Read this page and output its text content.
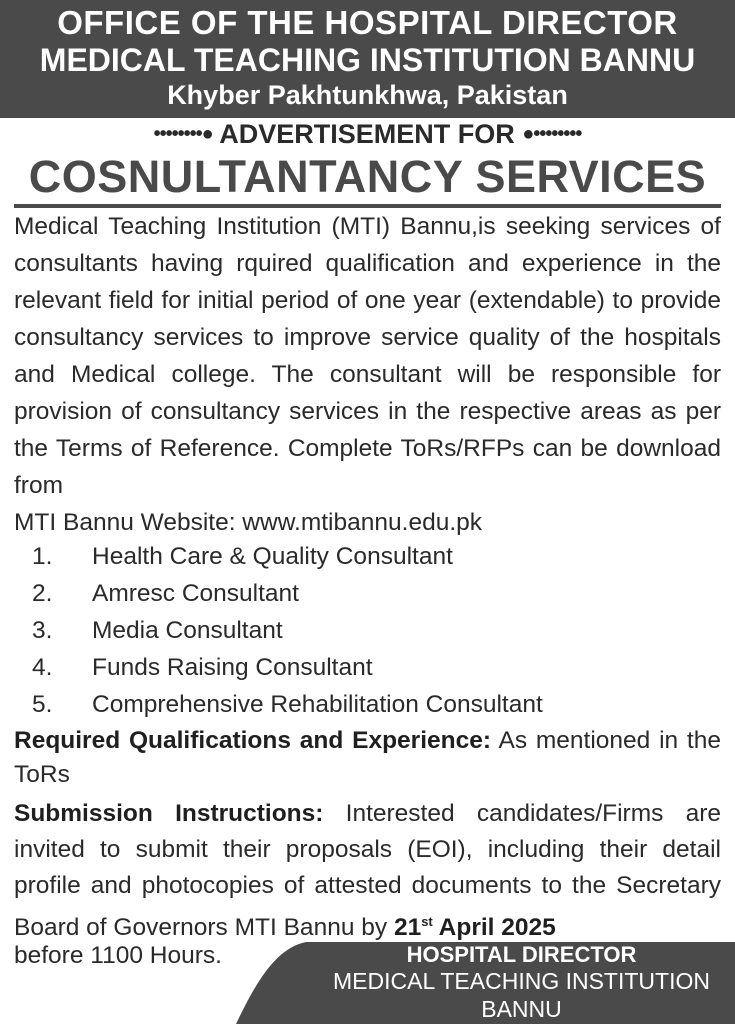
OFFICE OF THE HOSPITAL DIRECTOR
MEDICAL TEACHING INSTITUTION BANNU
Khyber Pakhtunkhwa, Pakistan
••••••••● ADVERTISEMENT FOR ●••••••••
COSNULTANTANCY SERVICES

Medical Teaching Institution (MTI) Bannu,is seeking services of consultants having rquired qualification and experience in the relevant field for initial period of one year (extendable) to provide consultancy services to improve service quality of the hospitals and Medical college. The consultant will be responsible for provision of consultancy services in the respective areas as per the Terms of Reference. Complete ToRs/RFPs can be download from

MTI Bannu Website: www.mtibannu.edu.pk

1. Health Care & Quality Consultant
2. Amresc Consultant
3. Media Consultant
4. Funds Raising Consultant
5. Comprehensive Rehabilitation Consultant
Required Qualifications and Experience: As mentioned in the ToRs

Submission Instructions: Interested candidates/Firms are invited to submit their proposals (EOI), including their detail profile and photocopies of attested documents to the Secretary Board of Governors MTI Bannu by 21st April 2025

before 1100 Hours.	HOSPITAL DIRECTOR
MEDICAL TEACHING INSTITUTION
BANNU
